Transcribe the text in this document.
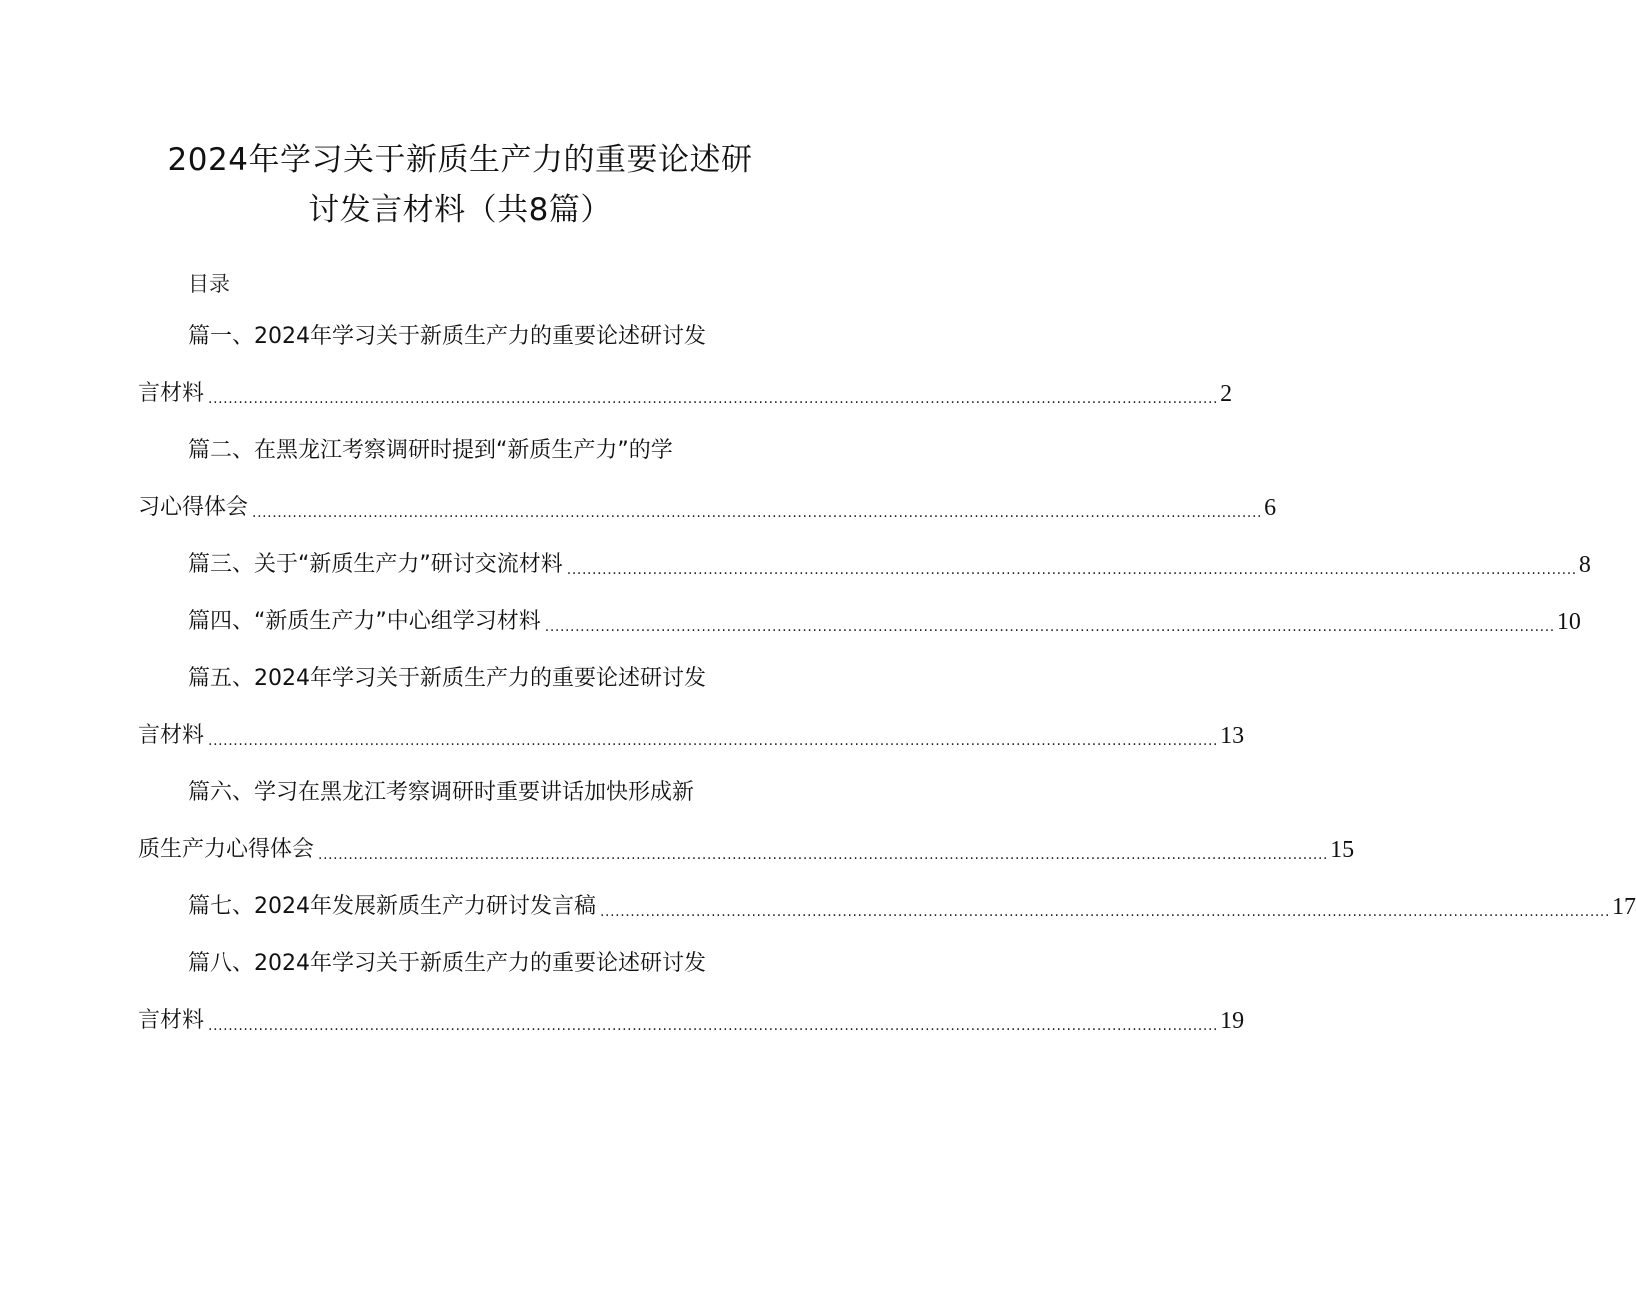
2024年学习关于新质生产力的重要论述研
讨发言材料（共8篇）
目录
篇一、2024年学习关于新质生产力的重要论述研讨发
言材料 ........................................................................................................................................................................................................ 2
篇二、在黑龙江考察调研时提到“新质生产力”的学
习心得体会 ........................................................................................................................................................................................................ 6
篇三、关于“新质生产力”研讨交流材料 ........................................................................................................................................................................................................ 8
篇四、“新质生产力”中心组学习材料 ........................................................................................................................................................................................................ 10
篇五、2024年学习关于新质生产力的重要论述研讨发
言材料 ........................................................................................................................................................................................................ 13
篇六、学习在黑龙江考察调研时重要讲话加快形成新
质生产力心得体会 ........................................................................................................................................................................................................ 15
篇七、2024年发展新质生产力研讨发言稿 ........................................................................................................................................................................................................ 17
篇八、2024年学习关于新质生产力的重要论述研讨发
言材料 ........................................................................................................................................................................................................ 19
